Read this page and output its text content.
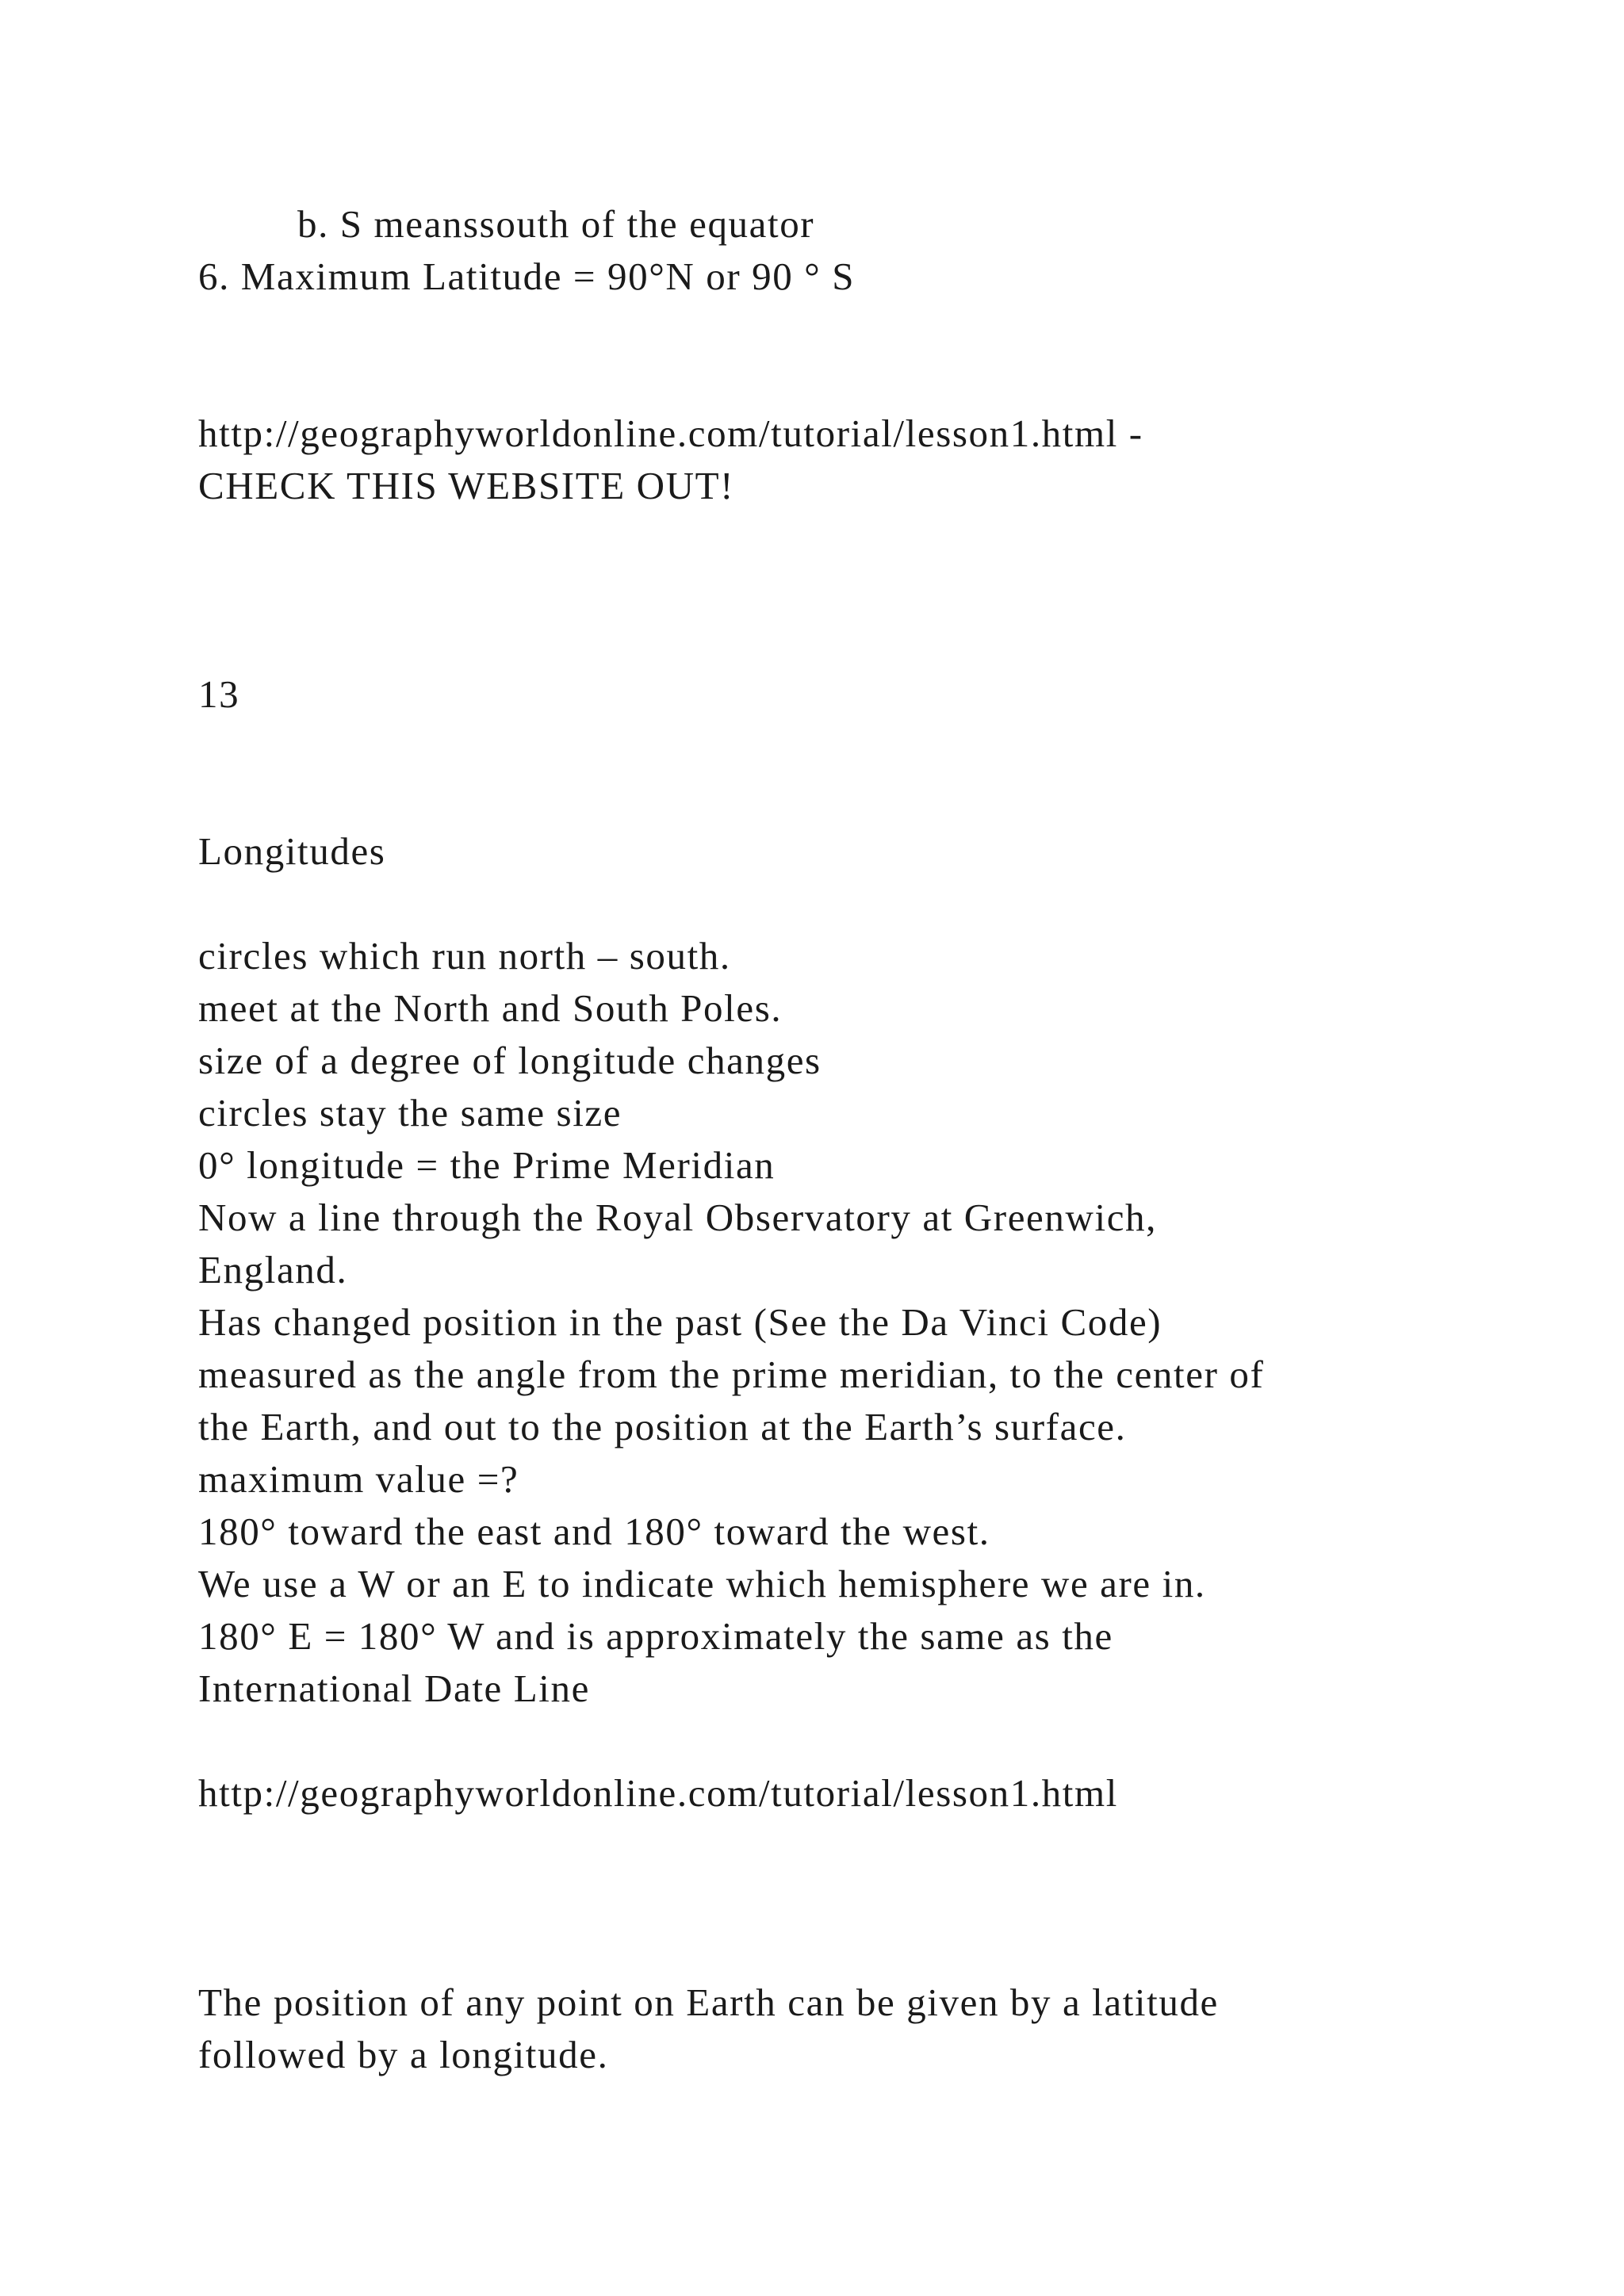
b. S meanssouth of the equator

6. Maximum Latitude = 90°N or 90 ° S

http://geographyworldonline.com/tutorial/lesson1.html -

CHECK THIS WEBSITE OUT!

13

Longitudes

circles which run north – south.

meet at the North and South Poles.

size of a degree of longitude changes

circles stay the same size

0° longitude = the Prime Meridian

Now a line through the Royal Observatory at Greenwich,

England.

Has changed position in the past (See the Da Vinci Code)

measured as the angle from the prime meridian, to the center of

the Earth, and out to the position at the Earth’s surface.

maximum value =?

180° toward the east and 180° toward the west.

We use a W or an E to indicate which hemisphere we are in.

180° E = 180° W and is approximately the same as the

International Date Line

http://geographyworldonline.com/tutorial/lesson1.html

The position of any point on Earth can be given by a latitude

followed by a longitude.
